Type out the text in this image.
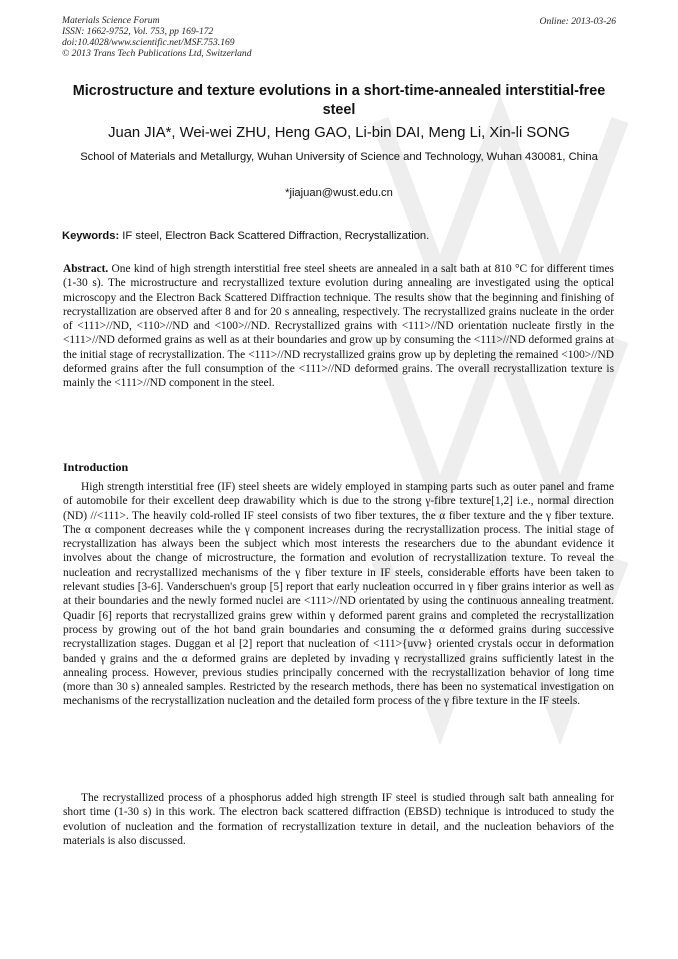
Materials Science Forum	Online: 2013-03-26
ISSN: 1662-9752, Vol. 753, pp 169-172
doi:10.4028/www.scientific.net/MSF.753.169
© 2013 Trans Tech Publications Ltd, Switzerland
Microstructure and texture evolutions in a short-time-annealed interstitial-free steel
Juan JIA*, Wei-wei ZHU, Heng GAO, Li-bin DAI, Meng Li, Xin-li SONG
School of Materials and Metallurgy, Wuhan University of Science and Technology, Wuhan 430081, China
*jiajuan@wust.edu.cn
Keywords: IF steel, Electron Back Scattered Diffraction, Recrystallization.
Abstract. One kind of high strength interstitial free steel sheets are annealed in a salt bath at 810 °C for different times (1-30 s). The microstructure and recrystallized texture evolution during annealing are investigated using the optical microscopy and the Electron Back Scattered Diffraction technique. The results show that the beginning and finishing of recrystallization are observed after 8 and for 20 s annealing, respectively. The recrystallized grains nucleate in the order of <111>//ND, <110>//ND and <100>//ND. Recrystallized grains with <111>//ND orientation nucleate firstly in the <111>//ND deformed grains as well as at their boundaries and grow up by consuming the <111>//ND deformed grains at the initial stage of recrystallization. The <111>//ND recrystallized grains grow up by depleting the remained <100>//ND deformed grains after the full consumption of the <111>//ND deformed grains. The overall recrystallization texture is mainly the <111>//ND component in the steel.
Introduction
High strength interstitial free (IF) steel sheets are widely employed in stamping parts such as outer panel and frame of automobile for their excellent deep drawability which is due to the strong γ-fibre texture[1,2] i.e., normal direction (ND) //<111>. The heavily cold-rolled IF steel consists of two fiber textures, the α fiber texture and the γ fiber texture. The α component decreases while the γ component increases during the recrystallization process. The initial stage of recrystallization has always been the subject which most interests the researchers due to the abundant evidence it involves about the change of microstructure, the formation and evolution of recrystallization texture. To reveal the nucleation and recrystallized mechanisms of the γ fiber texture in IF steels, considerable efforts have been taken to relevant studies [3-6]. Vanderschuen's group [5] report that early nucleation occurred in γ fiber grains interior as well as at their boundaries and the newly formed nuclei are <111>//ND orientated by using the continuous annealing treatment. Quadir [6] reports that recrystallized grains grew within γ deformed parent grains and completed the recrystallization process by growing out of the hot band grain boundaries and consuming the α deformed grains during successive recrystallization stages. Duggan et al [2] report that nucleation of <111>{uvw} oriented crystals occur in deformation banded γ grains and the α deformed grains are depleted by invading γ recrystallized grains sufficiently latest in the annealing process. However, previous studies principally concerned with the recrystallization behavior of long time (more than 30 s) annealed samples. Restricted by the research methods, there has been no systematical investigation on mechanisms of the recrystallization nucleation and the detailed form process of the γ fibre texture in the IF steels.
The recrystallized process of a phosphorus added high strength IF steel is studied through salt bath annealing for short time (1-30 s) in this work. The electron back scattered diffraction (EBSD) technique is introduced to study the evolution of nucleation and the formation of recrystallization texture in detail, and the nucleation behaviors of the materials is also discussed.
